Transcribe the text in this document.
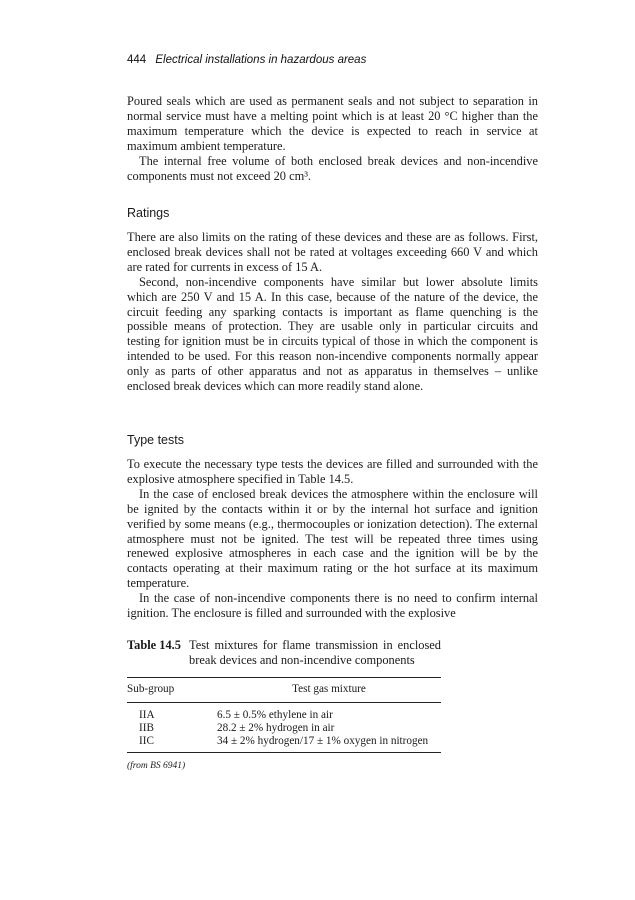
444 Electrical installations in hazardous areas

Poured seals which are used as permanent seals and not subject to separation in normal service must have a melting point which is at least 20 °C higher than the maximum temperature which the device is expected to reach in service at maximum ambient temperature.

The internal free volume of both enclosed break devices and non-incendive components must not exceed 20 cm³.

Ratings

There are also limits on the rating of these devices and these are as follows. First, enclosed break devices shall not be rated at voltages exceeding 660 V and which are rated for currents in excess of 15 A.

Second, non-incendive components have similar but lower absolute limits which are 250 V and 15 A. In this case, because of the nature of the device, the circuit feeding any sparking contacts is important as flame quenching is the possible means of protection. They are usable only in particular circuits and testing for ignition must be in circuits typical of those in which the component is intended to be used. For this reason non-incendive components normally appear only as parts of other apparatus and not as apparatus in themselves – unlike enclosed break devices which can more readily stand alone.

Type tests

To execute the necessary type tests the devices are filled and surrounded with the explosive atmosphere specified in Table 14.5.

In the case of enclosed break devices the atmosphere within the enclosure will be ignited by the contacts within it or by the internal hot surface and ignition verified by some means (e.g., thermocouples or ionization detection). The external atmosphere must not be ignited. The test will be repeated three times using renewed explosive atmospheres in each case and the ignition will be by the contacts operating at their maximum rating or the hot surface at its maximum temperature.

In the case of non-incendive components there is no need to confirm internal ignition. The enclosure is filled and surrounded with the explosive

Table 14.5 Test mixtures for flame transmission in enclosed break devices and non-incendive components
Sub-group	Test gas mixture
IIA	6.5 ± 0.5% ethylene in air
IIB	28.2 ± 2% hydrogen in air
IIC	34 ± 2% hydrogen/17 ± 1% oxygen in nitrogen
(from BS 6941)
